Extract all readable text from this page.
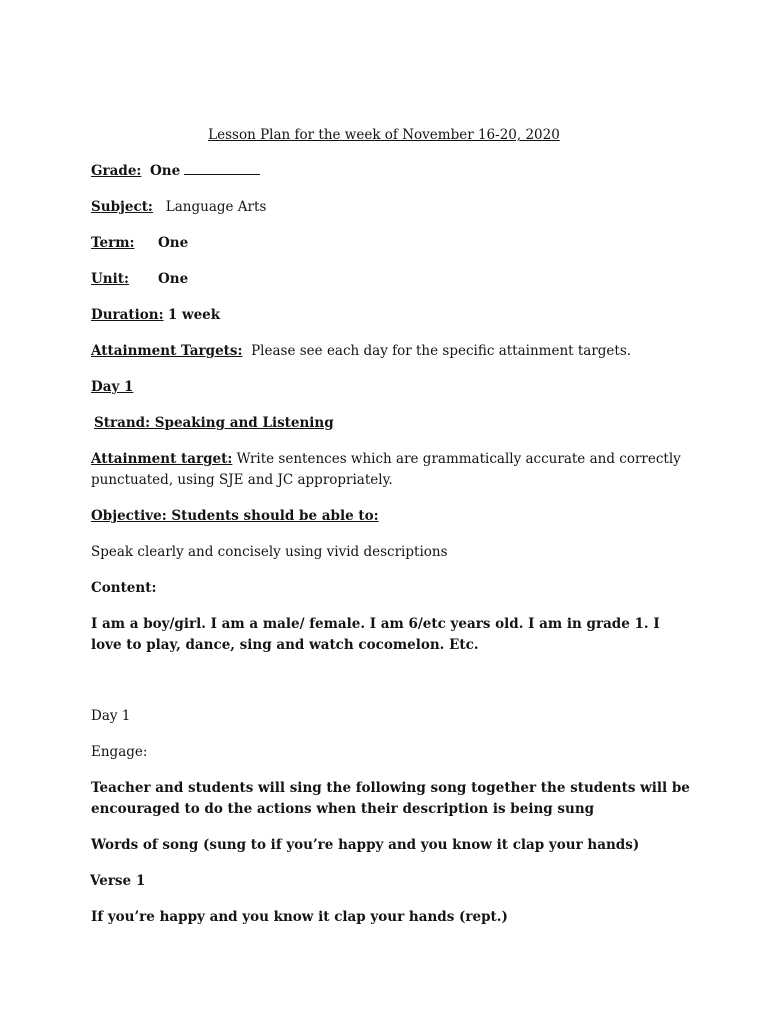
Lesson Plan for the week of November 16-20, 2020
Grade: One
Subject: Language Arts
Term: One
Unit: One
Duration: 1 week
Attainment Targets: Please see each day for the specific attainment targets.
Day 1
Strand: Speaking and Listening
Attainment target: Write sentences which are grammatically accurate and correctly punctuated, using SJE and JC appropriately.
Objective: Students should be able to:
Speak clearly and concisely using vivid descriptions
Content:
I am a boy/girl. I am a male/ female. I am 6/etc years old. I am in grade 1. I love to play, dance, sing and watch cocomelon. Etc.
Day 1
Engage:
Teacher and students will sing the following song together the students will be encouraged to do the actions when their description is being sung
Words of song (sung to if you’re happy and you know it clap your hands)
Verse 1
If you’re happy and you know it clap your hands (rept.)
